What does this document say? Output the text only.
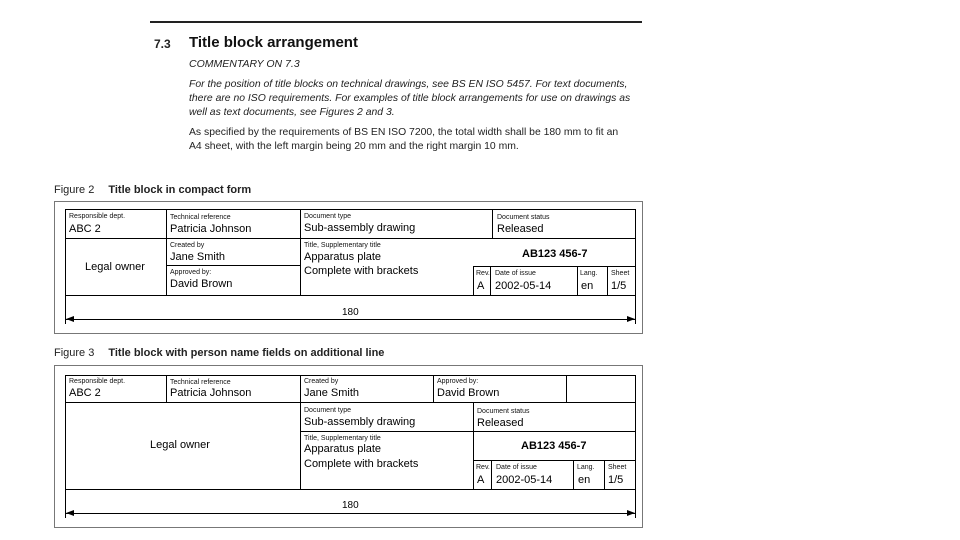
7.3 Title block arrangement
COMMENTARY ON 7.3
For the position of title blocks on technical drawings, see BS EN ISO 5457. For text documents, there are no ISO requirements. For examples of title block arrangements for use on drawings as well as text documents, see Figures 2 and 3.
As specified by the requirements of BS EN ISO 7200, the total width shall be 180 mm to fit an A4 sheet, with the left margin being 20 mm and the right margin 10 mm.
Figure 2 Title block in compact form
Responsible dept.
ABC 2
Technical reference
Patricia Johnson
Document type
Sub-assembly drawing
Document status
Released
Legal owner
Created by
Jane Smith
Approved by:
David Brown
Title, Supplementary title
Apparatus plate
Complete with brackets
AB123 456-7
Rev.
A
Date of issue
2002-05-14
Lang.
en
Sheet
1/5
180
Figure 3 Title block with person name fields on additional line
Responsible dept.
ABC 2
Technical reference
Patricia Johnson
Created by
Jane Smith
Approved by:
David Brown
Legal owner
Document type
Sub-assembly drawing
Document status
Released
Title, Supplementary title
Apparatus plate
Complete with brackets
AB123 456-7
Rev.
A
Date of issue
2002-05-14
Lang.
en
Sheet
1/5
180
